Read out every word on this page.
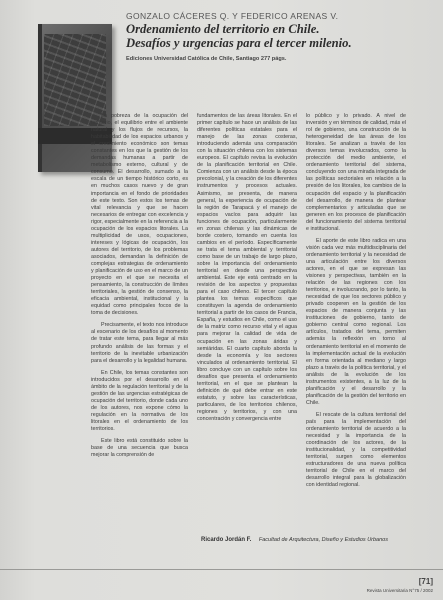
GONZALO CÁCERES Q. Y FEDERICO ARENAS V.
Ordenamiento del territorio en Chile.
Desafíos y urgencias para el tercer milenio.
Ediciones Universidad Católica de Chile, Santiago 277 págs.

La pobreza de la ocupación del territorio, el equilibrio entre el ambiente natural y los flujos de recursos, la habitabilidad de los espacios urbanos y el crecimiento económico son temas constantes en los que la gestión de los demandas humanas a partir de metabolismo externo, cultural y de consumo. El desarrollo, sumado a la escala de un tiempo histórico corto, es en muchos casos nuevo y de gran importancia en el fondo de prioridades de este texto. Son estos los temas de vital relevancia y que se hacen necesarios de entregar con excelencia y rigor, especialmente en la referencia a la ocupación de los espacios litorales. La multiplicidad de usos, ocupaciones, intereses y lógicas de ocupación, los autores del territorio, de los problemas asociados, demandan la definición de complejas estrategias de ordenamiento y planificación de uso en el marco de un proyecto en el que se necesita el pensamiento, la construcción de límites territoriales, la gestión de consenso, la eficacia ambiental, institucional y la equidad como principales focos de la toma de decisiones.

Precisamente, el texto nos introduce al escenario de los desafíos al momento de tratar este tema, para llegar al más profundo análisis de las formas y el territorio de la inevitable urbanización para el desarrollo y la legalidad humana.

En Chile, los temas constantes son introducidos por el desarrollo en el ámbito de la regulación territorial y de la gestión de las urgencias estratégicas de ocupación del territorio, donde cada uno de los autores, nos expone cómo la regulación en la normativa de los litorales en el ordenamiento de los territorios.

Este libro está constituido sobre la base de una secuencia que busca mejorar la comprensión de

fundamentos de las áreas litorales. En el primer capítulo se hace un análisis de las diferentes políticas estatales para el manejo de las zonas costeras, introduciendo además una comparación con la situación chilena con los sistemas europeos. El capítulo revisa la evolución de la planificación territorial en Chile. Comienza con un análisis desde la época precolonial, y la creación de los diferentes instrumentos y procesos actuales. Asimismo, se presenta, de manera general, la experiencia de ocupación de la región de Tarapacá y el manejo de espacios vacíos para adquirir las funciones de ocupación, particularmente en zonas chilenas y las dinámicas de borde costero, tomando en cuenta los cambios en el período. Específicamente se trata el tema ambiental y territorial como base de un trabajo de largo plazo, sobre la importancia del ordenamiento territorial en desde una perspectiva ambiental. Este eje está centrado en la revisión de los aspectos y propuestas para el caso chileno. El tercer capítulo plantea los temas específicos que constituyen la agenda de ordenamiento territorial a partir de los casos de Francia, España, y estudios en Chile, como el uso de la matriz como recurso vital y el agua para mejorar la calidad de vida de ocupación en las zonas áridas y semiáridas. El cuarto capítulo aborda la desde la economía y los sectores vinculados al ordenamiento territorial. El libro concluye con un capítulo sobre los desafíos que presenta el ordenamiento territorial, en el que se plantean la definición de qué debe entrar en este estatuto, y sobre las características, particulares, de los territorios chilenos, regiones y territorios, y con una concentración y convergencia entre

lo público y lo privado. A nivel de inversión y en términos de calidad, más el rol de gobierno, una construcción de la heterogeneidad de las áreas de los litorales. Se analizan a través de los diversos temas involucrados, como la protección del medio ambiente, el ordenamiento territorial del sistema, concluyendo con una mirada integrada de las políticas sectoriales en relación a la presión de los litorales, los cambios de la ocupación del espacio y la planificación del desarrollo, de manera de plantear complementarios y articuladas que se generen en los procesos de planificación del funcionamiento del sistema territorial e institucional.

El aporte de este libro radica en una visión cada vez más multidisciplinaria del ordenamiento territorial y la necesidad de una articulación entre los diversos actores, en el que se expresan las visiones y perspectivas, también en la relación de las regiones con los territorios, e involucrando, por lo tanto, la necesidad de que los sectores público y privado cooperen en la gestión de los espacios de manera conjunta y las instituciones de gobierno, tanto de gobierno central como regional. Los artículos, tratados del tema, permiten además la reflexión en torno al ordenamiento territorial en el momento de la implementación actual de la evolución en forma orientada al mediano y largo plazo a través de la política territorial, y el análisis de la evolución de los instrumentos existentes, a la luz de la planificación y el desarrollo y la planificación de la gestión del territorio en Chile.

El rescate de la cultura territorial del país para la implementación del ordenamiento territorial de acuerdo a la necesidad y la importancia de la coordinación de los actores, de la institucionalidad, y la competitividad territorial, surgen como elementos estructuradores de una nueva política territorial de Chile en el marco del desarrollo integral para la globalización con identidad regional.

Ricardo Jordán F. Facultad de Arquitectura, Diseño y Estudios Urbanos
[71]
Revista Universitaria N°75 / 2002
